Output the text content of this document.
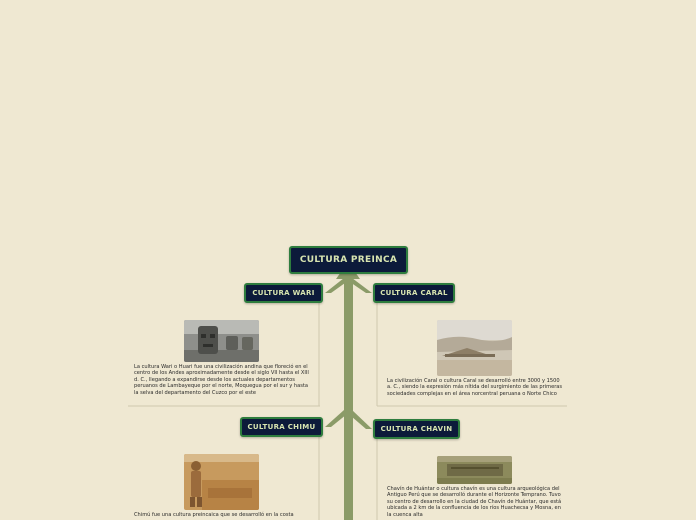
CULTURA PREINCA
CULTURA WARI	CULTURA CARAL
CULTURA CHIMU	CULTURA CHAVIN

La cultura Wari o Huari fue una civilización andina que floreció en el centro de los Andes aproximadamente desde el siglo VII hasta el XIII d. C., llegando a expandirse desde los actuales departamentos peruanos de Lambayeque por el norte, Moquegua por el sur y hasta la selva del departamento del Cuzco por el este

La civilización Caral o cultura Caral se desarrolló entre 3000 y 1500 a. C., siendo la expresión más nítida del surgimiento de las primeras sociedades complejas en el área norcentral peruana o Norte Chico

Chimú fue una cultura preincaica que se desarrolló en la costa

Chavín de Huántar o cultura chavín es una cultura arqueológica del Antiguo Perú que se desarrolló durante el Horizonte Temprano. Tuvo su centro de desarrollo en la ciudad de Chavín de Huántar, que está ubicada a 2 km de la confluencia de los ríos Huachecsa y Mosna, en la cuenca alta
